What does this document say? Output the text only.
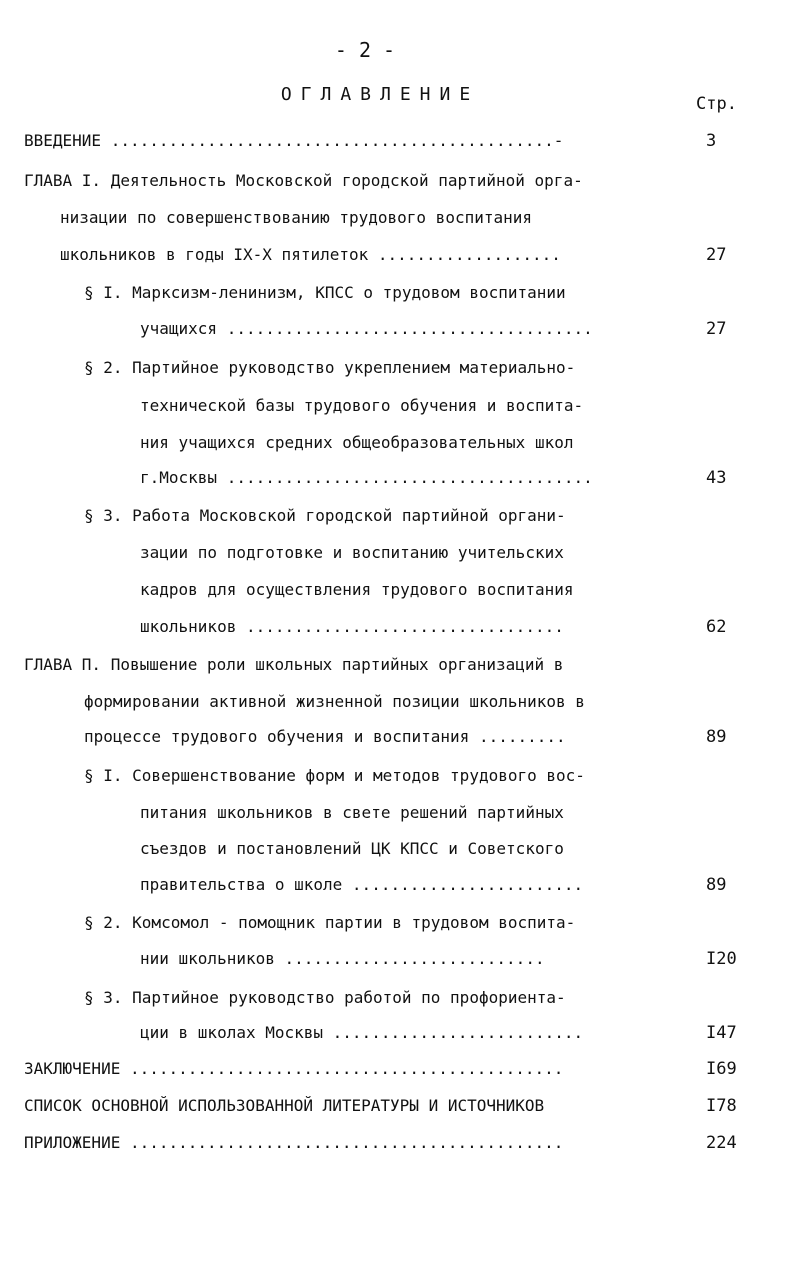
- 2 -
ОГЛАВЛЕНИЕ	Стр.
ВВЕДЕНИЕ ..............................................-	3
ГЛАВА I. Деятельность Московской городской партийной орга-
низации по совершенствованию трудового воспитания
школьников в годы IX-X пятилеток ...................	27
§ I. Марксизм-ленинизм, КПСС о трудовом воспитании
учащихся ......................................	27
§ 2. Партийное руководство укреплением материально-
технической базы трудового обучения и воспита-
ния учащихся средних общеобразовательных школ
г.Москвы ......................................	43
§ 3. Работа Московской городской партийной органи-
зации по подготовке и воспитанию учительских
кадров для осуществления трудового воспитания
школьников .................................	62
ГЛАВА П. Повышение роли школьных партийных организаций в
формировании активной жизненной позиции школьников в
процессе трудового обучения и воспитания .........	89
§ I. Совершенствование форм и методов трудового вос-
питания школьников в свете решений партийных
съездов и постановлений ЦК КПСС и Советского
правительства о школе ........................	89
§ 2. Комсомол - помощник партии в трудовом воспита-
нии школьников ...........................	I20
§ 3. Партийное руководство работой по профориента-
ции в школах Москвы ..........................	I47
ЗАКЛЮЧЕНИЕ .............................................	I69
СПИСОК ОСНОВНОЙ ИСПОЛЬЗОВАННОЙ ЛИТЕРАТУРЫ И ИСТОЧНИКОВ	I78
ПРИЛОЖЕНИЕ .............................................	224
